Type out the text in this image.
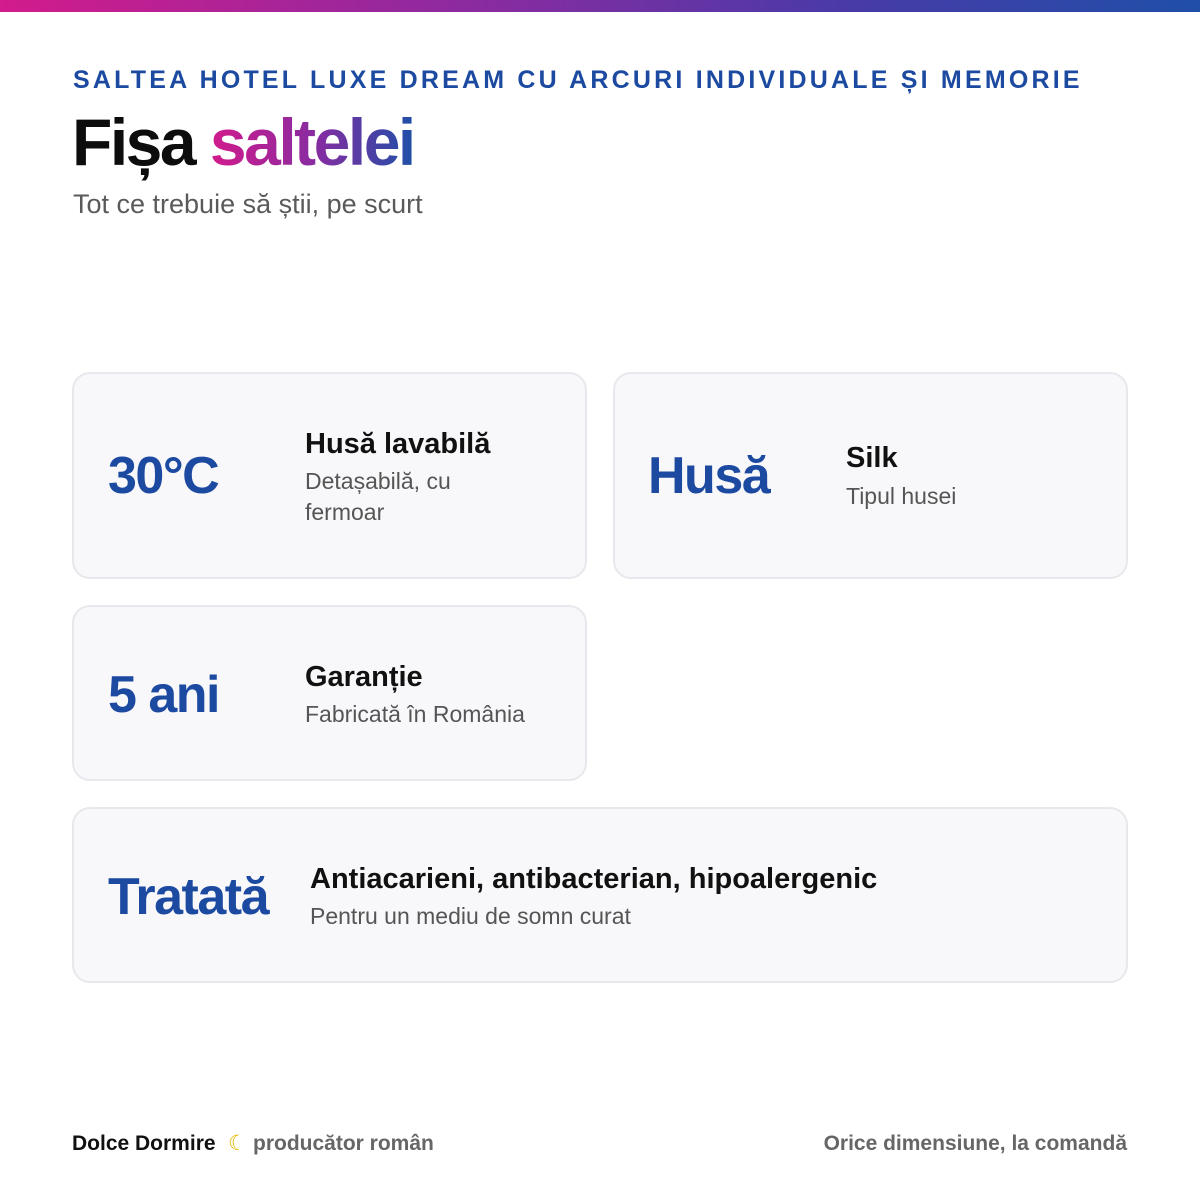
SALTEA HOTEL LUXE DREAM CU ARCURI INDIVIDUALE ȘI MEMORIE
Fișa saltelei
Tot ce trebuie să știi, pe scurt
30°C
Husă lavabilă
Detașabilă, cu fermoar
Husă	Silk
Tipul husei
5 ani	Garanție
Fabricată în România
Tratată Antiacarieni, antibacterian, hipoalergenic
Pentru un mediu de somn curat
Dolce Dormire ☾ producător român	Orice dimensiune, la comandă
